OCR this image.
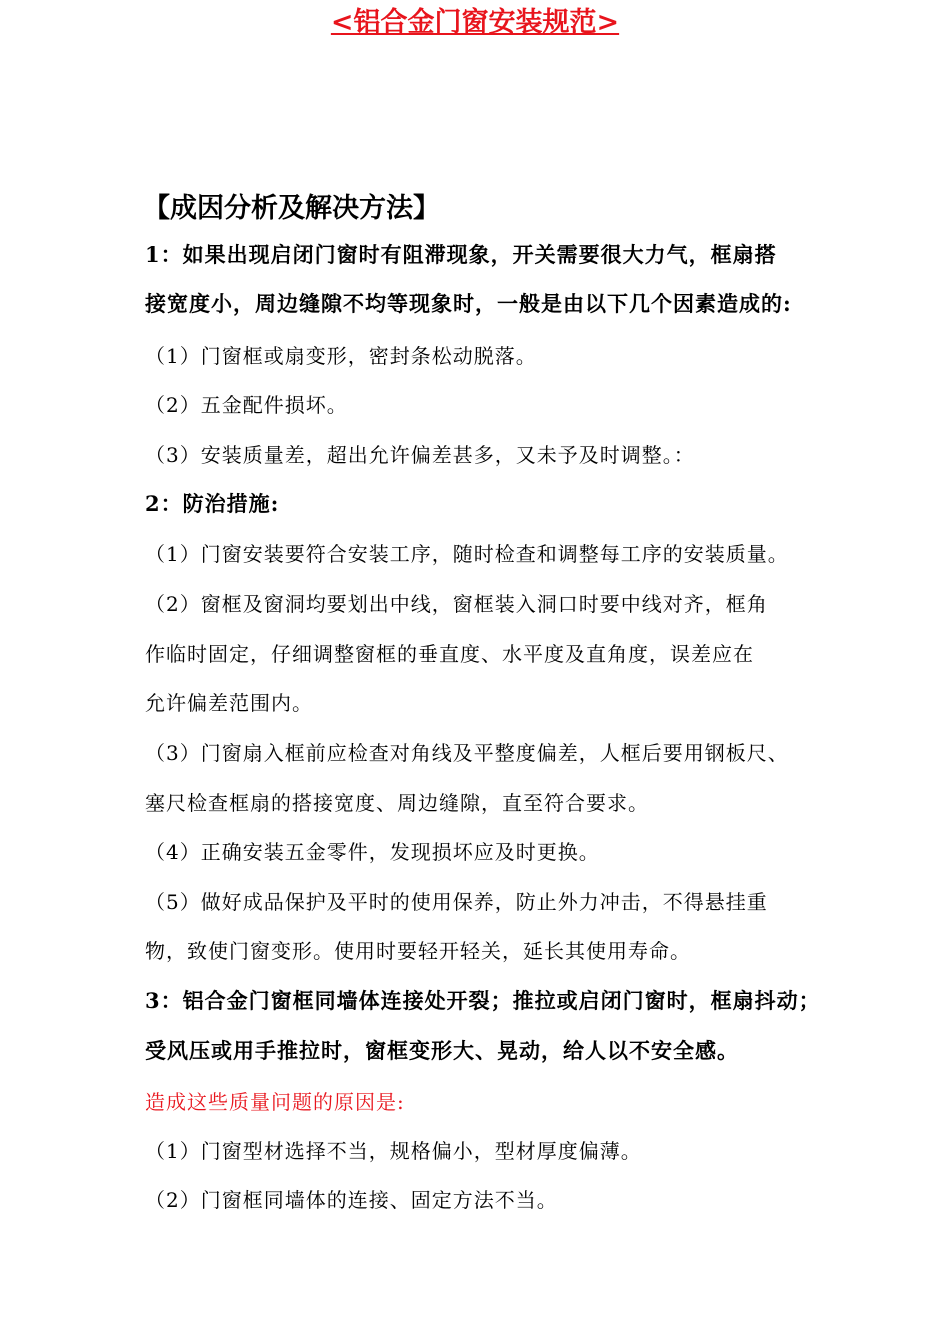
<铝合金门窗安装规范>
【成因分析及解决方法】
1：如果出现启闭门窗时有阻滞现象，开关需要很大力气，框扇搭
接宽度小，周边缝隙不均等现象时，一般是由以下几个因素造成的:
（1）门窗框或扇变形，密封条松动脱落。
（2）五金配件损坏。
（3）安装质量差，超出允许偏差甚多，又未予及时调整。：
2：防治措施:
（1）门窗安装要符合安装工序，随时检查和调整每工序的安装质量。
（2）窗框及窗洞均要划出中线，窗框装入洞口时要中线对齐，框角
作临时固定，仔细调整窗框的垂直度、水平度及直角度，误差应在
允许偏差范围内。
（3）门窗扇入框前应检查对角线及平整度偏差，人框后要用钢板尺、
塞尺检查框扇的搭接宽度、周边缝隙，直至符合要求。
（4）正确安装五金零件，发现损坏应及时更换。
（5）做好成品保护及平时的使用保养，防止外力冲击，不得悬挂重
物，致使门窗变形。使用时要轻开轻关，延长其使用寿命。
3：铝合金门窗框同墙体连接处开裂；推拉或启闭门窗时，框扇抖动；
受风压或用手推拉时，窗框变形大、晃动，给人以不安全感。
造成这些质量问题的原因是:
（1）门窗型材选择不当，规格偏小，型材厚度偏薄。
（2）门窗框同墙体的连接、固定方法不当。
